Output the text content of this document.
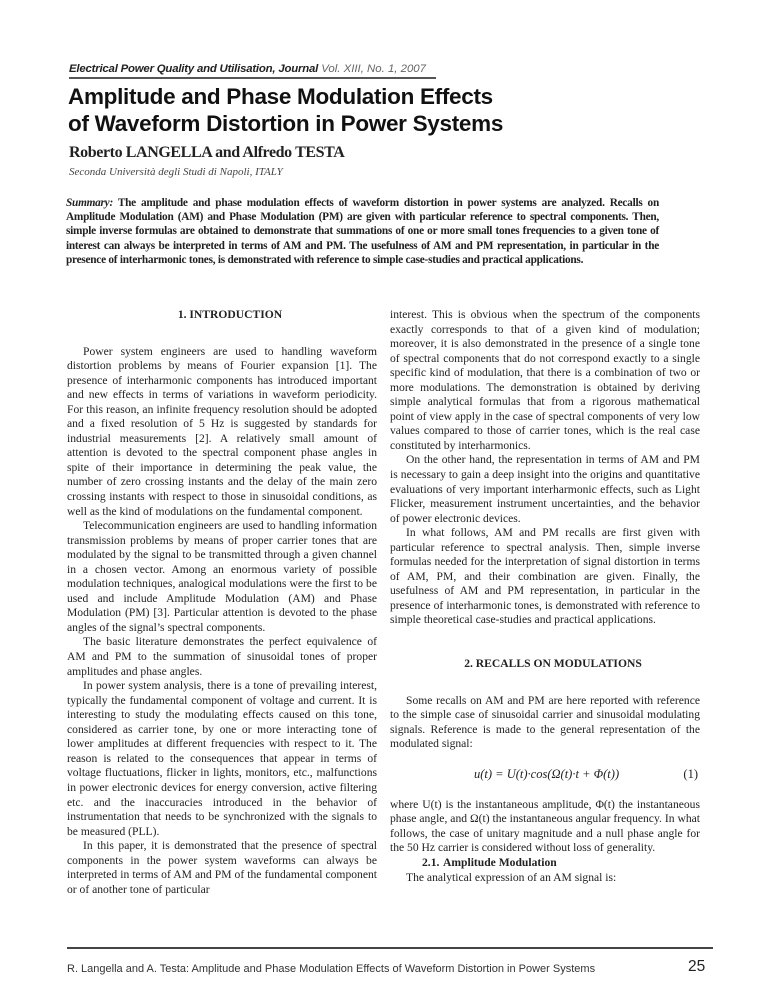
Electrical Power Quality and Utilisation, Journal Vol. XIII, No. 1, 2007
Amplitude and Phase Modulation Effects
of Waveform Distortion in Power Systems
Roberto LANGELLA and Alfredo TESTA
Seconda Università degli Studi di Napoli, ITALY
Summary: The amplitude and phase modulation effects of waveform distortion in power systems are analyzed. Recalls on Amplitude Modulation (AM) and Phase Modulation (PM) are given with particular reference to spectral components. Then, simple inverse formulas are obtained to demonstrate that summations of one or more small tones frequencies to a given tone of interest can always be interpreted in terms of AM and PM. The usefulness of AM and PM representation, in particular in the presence of interharmonic tones, is demonstrated with reference to simple case-studies and practical applications.

1. INTRODUCTION

Power system engineers are used to handling waveform distortion problems by means of Fourier expansion [1]. The presence of interharmonic components has introduced important and new effects in terms of variations in waveform periodicity. For this reason, an infinite frequency resolution should be adopted and a fixed resolution of 5 Hz is suggested by standards for industrial measurements [2]. A relatively small amount of attention is devoted to the spectral component phase angles in spite of their importance in determining the peak value, the number of zero crossing instants and the delay of the main zero crossing instants with respect to those in sinusoidal conditions, as well as the kind of modulations on the fundamental component.

Telecommunication engineers are used to handling information transmission problems by means of proper carrier tones that are modulated by the signal to be transmitted through a given channel in a chosen vector. Among an enormous variety of possible modulation techniques, analogical modulations were the first to be used and include Amplitude Modulation (AM) and Phase Modulation (PM) [3]. Particular attention is devoted to the phase angles of the signal’s spectral components.

The basic literature demonstrates the perfect equivalence of AM and PM to the summation of sinusoidal tones of proper amplitudes and phase angles.

In power system analysis, there is a tone of prevailing interest, typically the fundamental component of voltage and current. It is interesting to study the modulating effects caused on this tone, considered as carrier tone, by one or more interacting tone of lower amplitudes at different frequencies with respect to it. The reason is related to the consequences that appear in terms of voltage fluctuations, flicker in lights, monitors, etc., malfunctions in power electronic devices for energy conversion, active filtering etc. and the inaccuracies introduced in the behavior of instrumentation that needs to be synchronized with the signals to be measured (PLL).

In this paper, it is demonstrated that the presence of spectral components in the power system waveforms can always be interpreted in terms of AM and PM of the fundamental component or of another tone of particular

interest. This is obvious when the spectrum of the components exactly corresponds to that of a given kind of modulation; moreover, it is also demonstrated in the presence of a single tone of spectral components that do not correspond exactly to a single specific kind of modulation, that there is a combination of two or more modulations. The demonstration is obtained by deriving simple analytical formulas that from a rigorous mathematical point of view apply in the case of spectral components of very low values compared to those of carrier tones, which is the real case constituted by interharmonics.

On the other hand, the representation in terms of AM and PM is necessary to gain a deep insight into the origins and quantitative evaluations of very important interharmonic effects, such as Light Flicker, measurement instrument uncertainties, and the behavior of power electronic devices.

In what follows, AM and PM recalls are first given with particular reference to spectral analysis. Then, simple inverse formulas needed for the interpretation of signal distortion in terms of AM, PM, and their combination are given. Finally, the usefulness of AM and PM representation, in particular in the presence of interharmonic tones, is demonstrated with reference to simple theoretical case-studies and practical applications.

2. RECALLS ON MODULATIONS

Some recalls on AM and PM are here reported with reference to the simple case of sinusoidal carrier and sinusoidal modulating signals. Reference is made to the general representation of the modulated signal:

u(t) = U(t)·cos(Ω(t)·t + Φ(t))	(1)

where U(t) is the instantaneous amplitude, Φ(t) the instantaneous phase angle, and Ω(t) the instantaneous angular frequency. In what follows, the case of unitary magnitude and a null phase angle for the 50 Hz carrier is considered without loss of generality.

2.1. Amplitude Modulation

The analytical expression of an AM signal is:

R. Langella and A. Testa: Amplitude and Phase Modulation Effects of Waveform Distortion in Power Systems	25
